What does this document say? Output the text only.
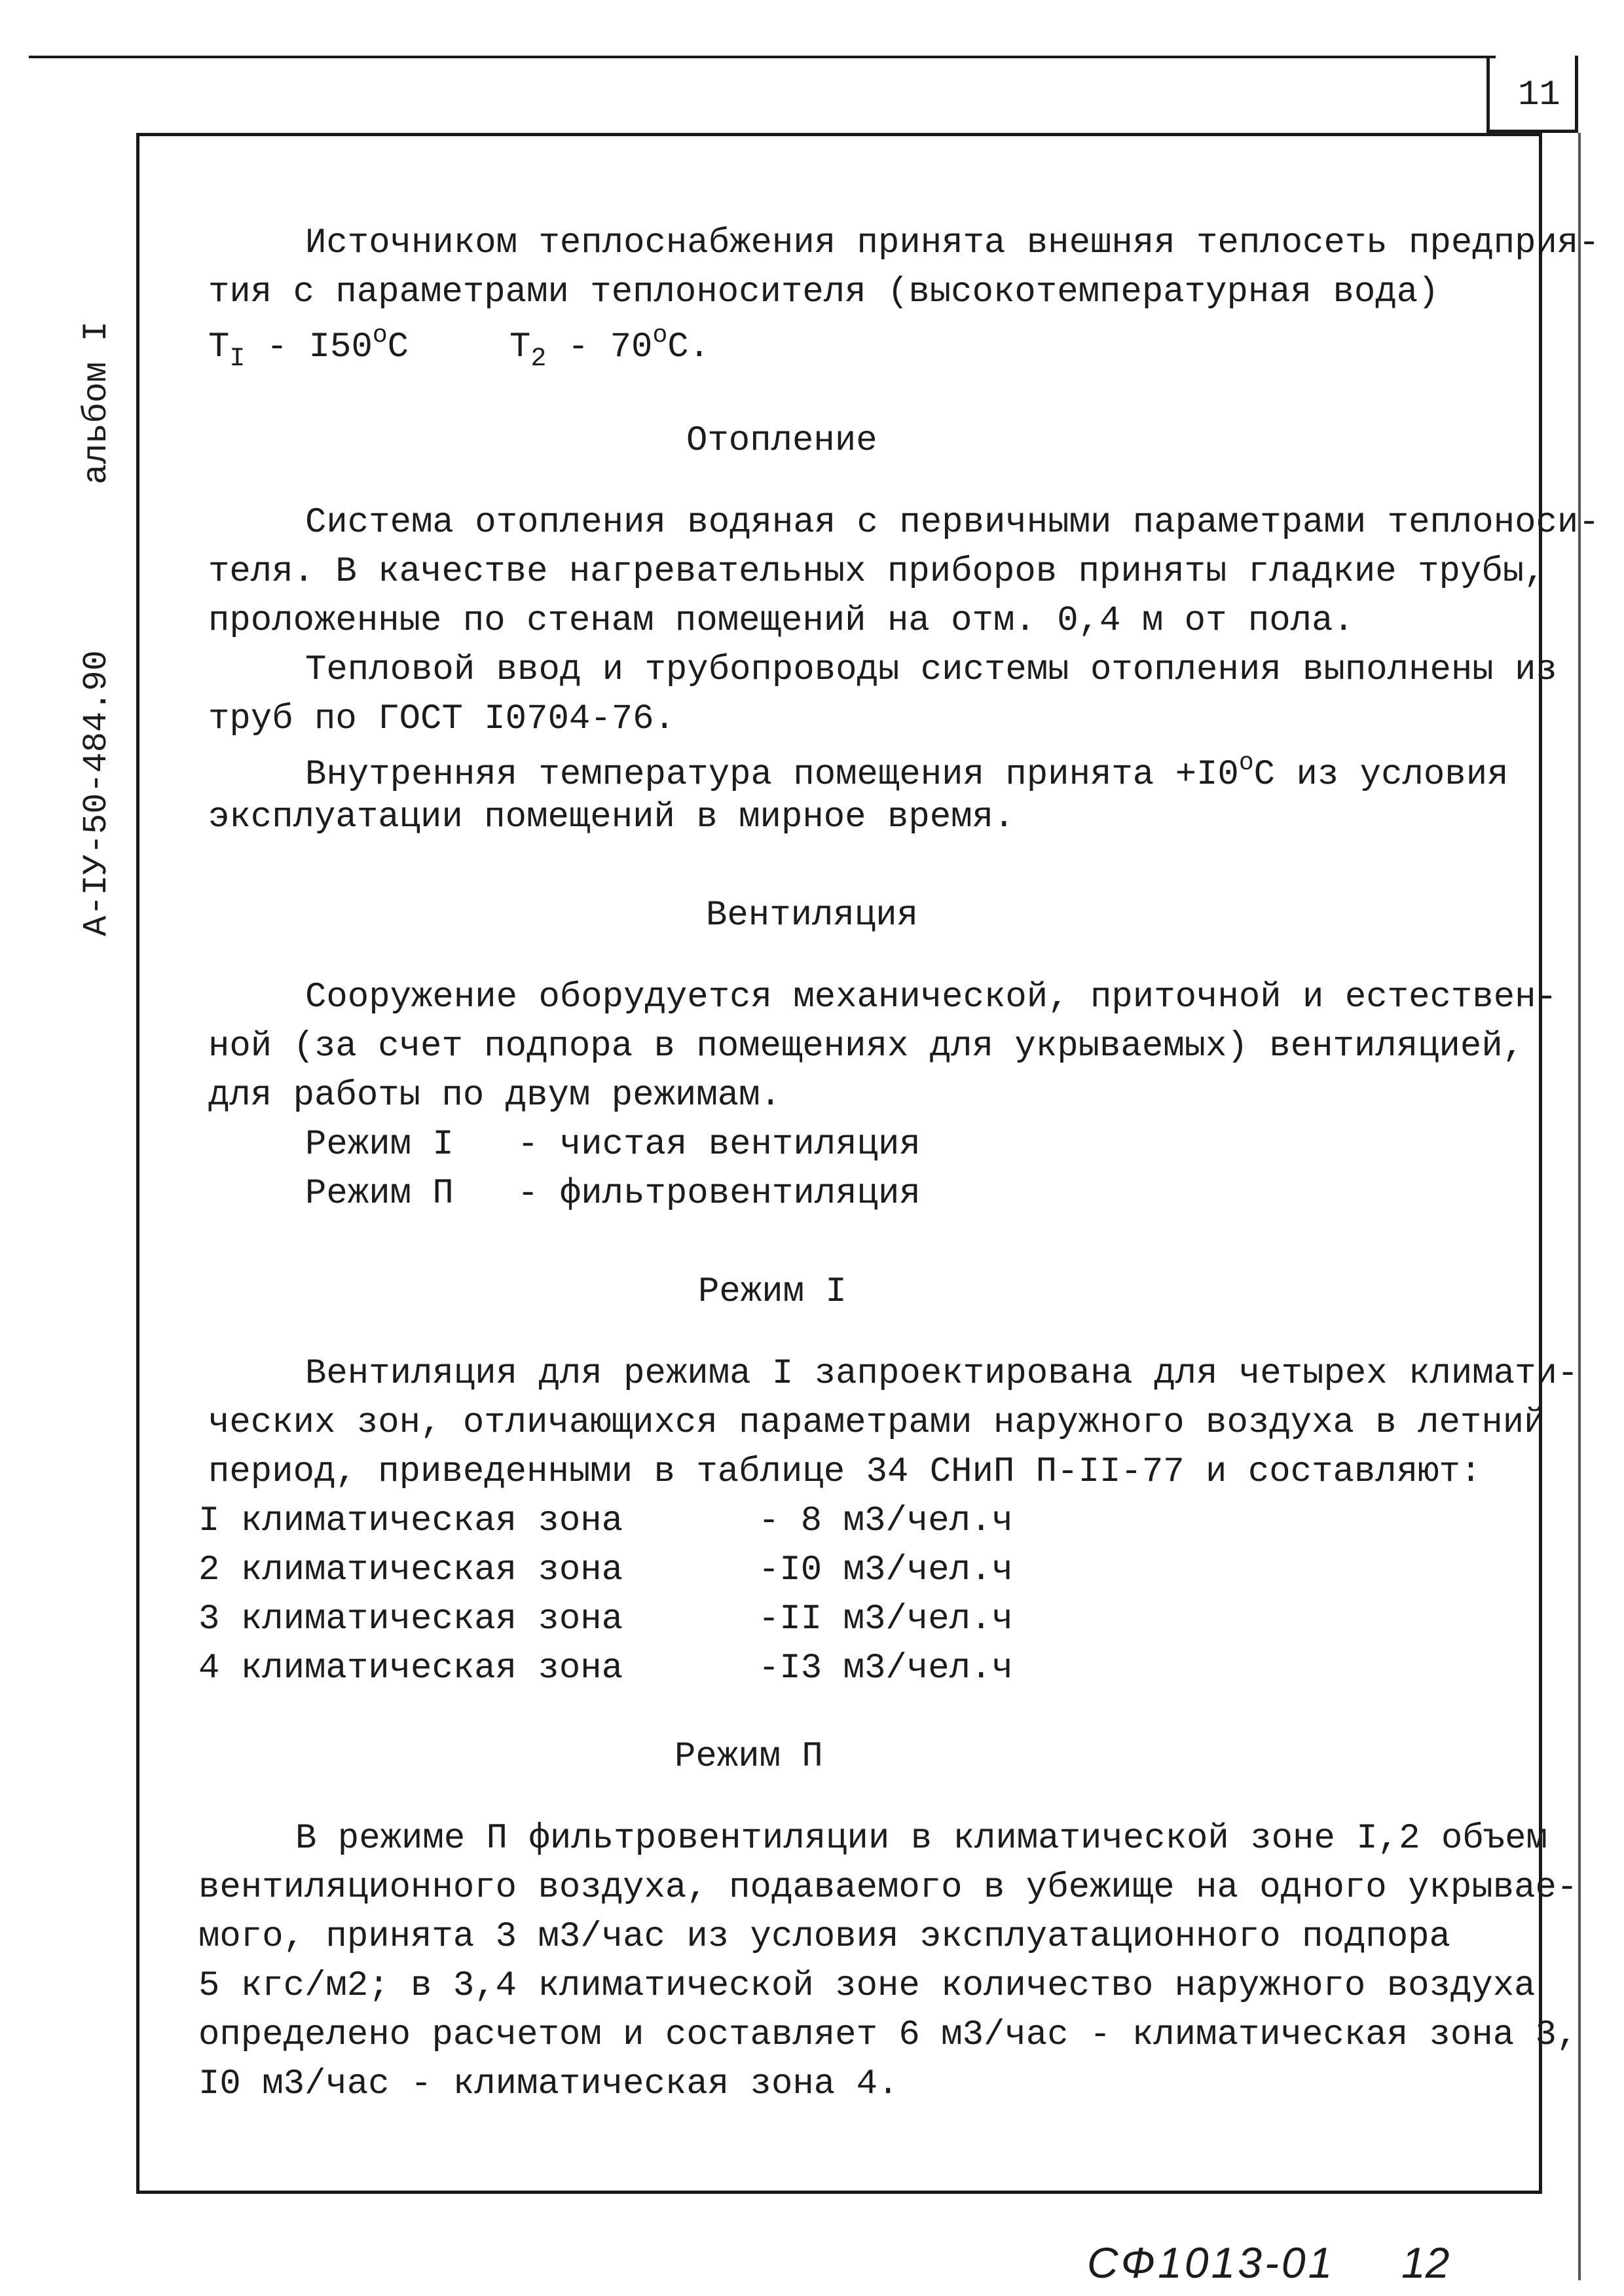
11
альбом I
А-IУ-50-484.90
Источником теплоснабжения принята внешняя теплосеть предприя-
тия с параметрами теплоносителя (высокотемпературная вода)
$Т_I - I50^оС$	$Т_2 - 70^оС$.
Отопление
Система отопления водяная с первичными параметрами теплоноси-
теля. В качестве нагревательных приборов приняты гладкие трубы,
проложенные по стенам помещений на отм. 0,4 м от пола.
Тепловой ввод и трубопроводы системы отопления выполнены из
труб по ГОСТ I0704-76.
Внутренняя температура помещения принята $+I0^оС$ из условия
эксплуатации помещений в мирное время.
Вентиляция
Сооружение оборудуется механической, приточной и естествен-
ной (за счет подпора в помещениях для укрываемых) вентиляцией,
для работы по двум режимам.
Режим I   - чистая вентиляция
Режим П   - фильтровентиляция
Режим I
Вентиляция для режима I запроектирована для четырех климати-
ческих зон, отличающихся параметрами наружного воздуха в летний
период, приведенными в таблице 34 СНиП П-II-77 и составляют:
I климатическая зона	- 8 м3/чел.ч
2 климатическая зона	-I0 м3/чел.ч
3 климатическая зона	-II м3/чел.ч
4 климатическая зона	-I3 м3/чел.ч
Режим П
В режиме П фильтровентиляции в климатической зоне I,2 объем
вентиляционного воздуха, подаваемого в убежище на одного укрывае-
мого, принята 3 м3/час из условия эксплуатационного подпора
5 кгс/м2; в 3,4 климатической зоне количество наружного воздуха
определено расчетом и составляет 6 м3/час - климатическая зона 3,
I0 м3/час - климатическая зона 4.
СФ1013-01 12
